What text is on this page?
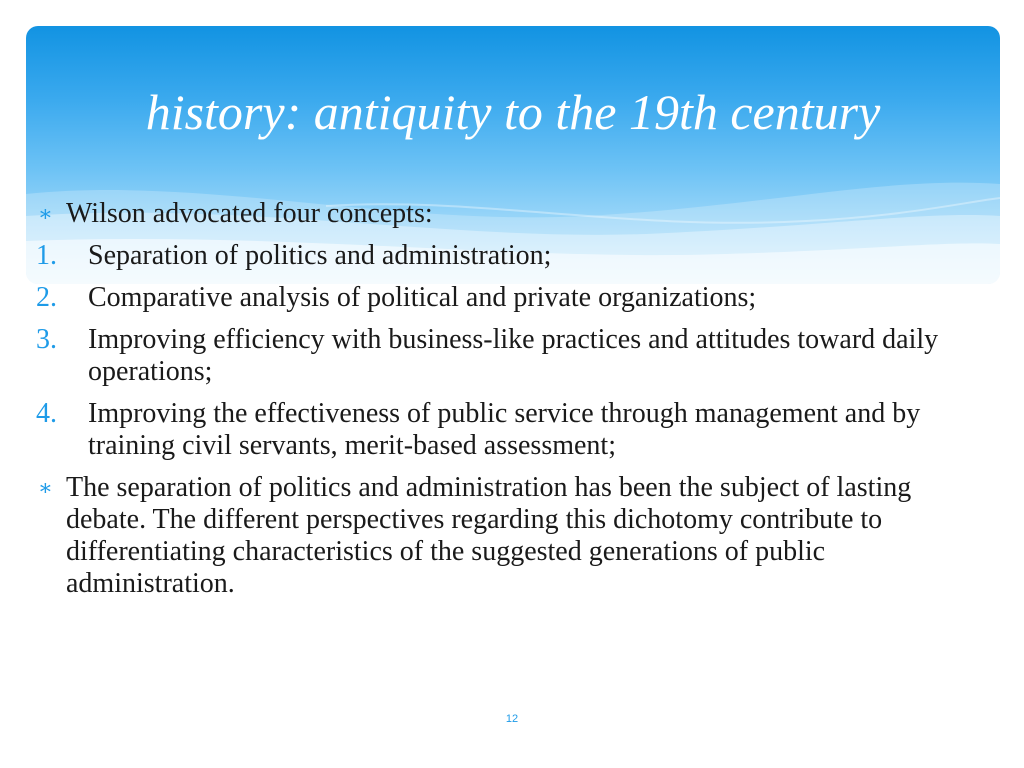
history: antiquity to the 19th century
∗ Wilson advocated four concepts:
1. Separation of politics and administration;
2. Comparative analysis of political and private organizations;
3. Improving efficiency with business-like practices and attitudes toward daily operations;
4. Improving the effectiveness of public service through management and by training civil servants, merit-based assessment;
∗ The separation of politics and administration has been the subject of lasting debate. The different perspectives regarding this dichotomy contribute to differentiating characteristics of the suggested generations of public administration.
12
